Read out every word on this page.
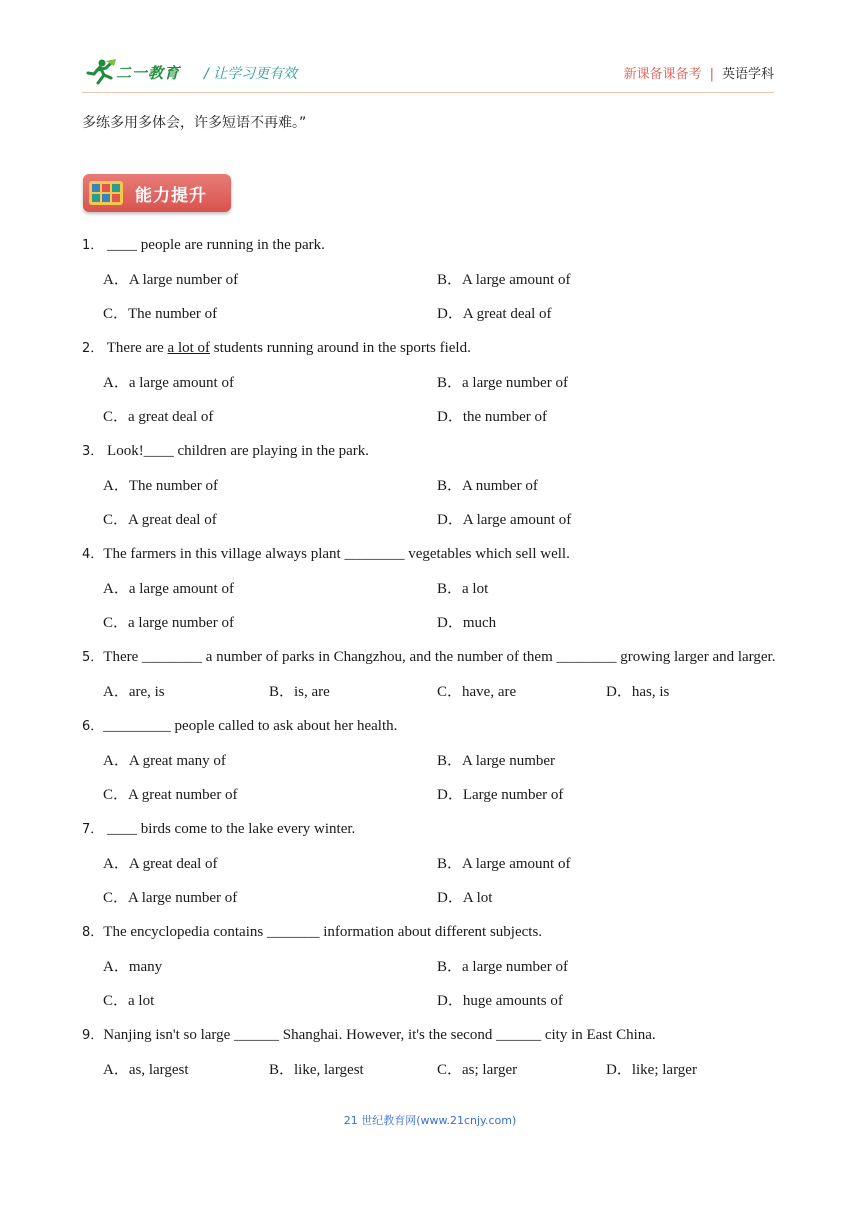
二一教育 / 让学习更有效	新课备课备考 | 英语学科
多练多用多体会，许多短语不再难。”
能力提升
1． ____ people are running in the park.
A．A large number of	B．A large amount of
C．The number of	D．A great deal of
2． There are a lot of students running around in the sports field.
A．a large amount of	B．a large number of
C．a great deal of	D．the number of
3． Look!____ children are playing in the park.
A．The number of	B．A number of
C．A great deal of	D．A large amount of
4．The farmers in this village always plant ________ vegetables which sell well.
A．a large amount of	B．a lot
C．a large number of	D．much
5．There ________ a number of parks in Changzhou, and the number of them ________ growing larger and larger.
A．are, is	B．is, are	C．have, are	D．has, is
6．_________ people called to ask about her health.
A．A great many of	B．A large number
C．A great number of	D．Large number of
7． ____ birds come to the lake every winter.
A．A great deal of	B．A large amount of
C．A large number of	D．A lot
8．The encyclopedia contains _______ information about different subjects.
A．many	B．a large number of
C．a lot	D．huge amounts of
9．Nanjing isn't so large ______ Shanghai. However, it's the second ______ city in East China.
A．as, largest	B．like, largest	C．as; larger	D．like; larger
21 世纪教育网(www.21cnjy.com)
